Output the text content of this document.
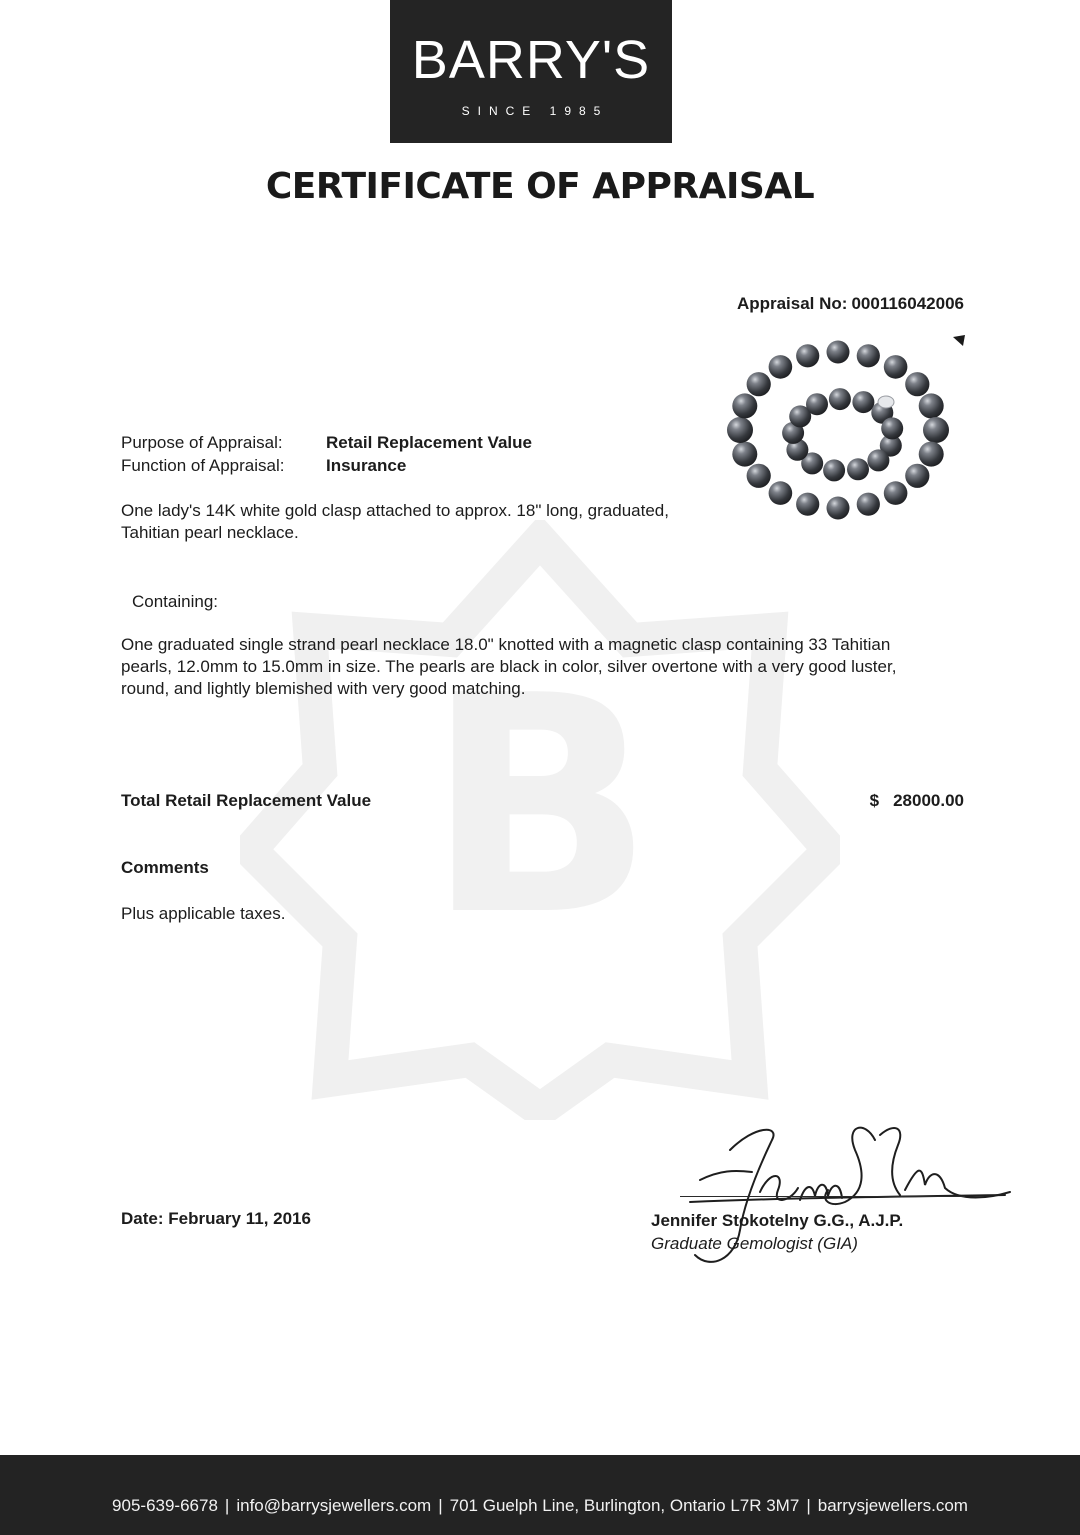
B
BARRY'S
SINCE 1985
CERTIFICATE OF APPRAISAL
Appraisal No: 000116042006
Purpose of Appraisal:	Retail Replacement Value
Function of Appraisal: Insurance
One lady's 14K white gold clasp attached to approx. 18" long, graduated, Tahitian pearl necklace.
Containing:
One graduated single strand pearl necklace 18.0" knotted with a magnetic clasp containing 33 Tahitian pearls, 12.0mm to 15.0mm in size. The pearls are black in color, silver overtone with a very good luster, round, and lightly blemished with very good matching.
Total Retail Replacement Value	$ 28000.00
Comments
Plus applicable taxes.
Date: February 11, 2016
Jenn Sto
Jennifer Stokotelny G.G., A.J.P.
Graduate Gemologist (GIA)
905-639-6678 | info@barrysjewellers.com | 701 Guelph Line, Burlington, Ontario L7R 3M7 | barrysjewellers.com
